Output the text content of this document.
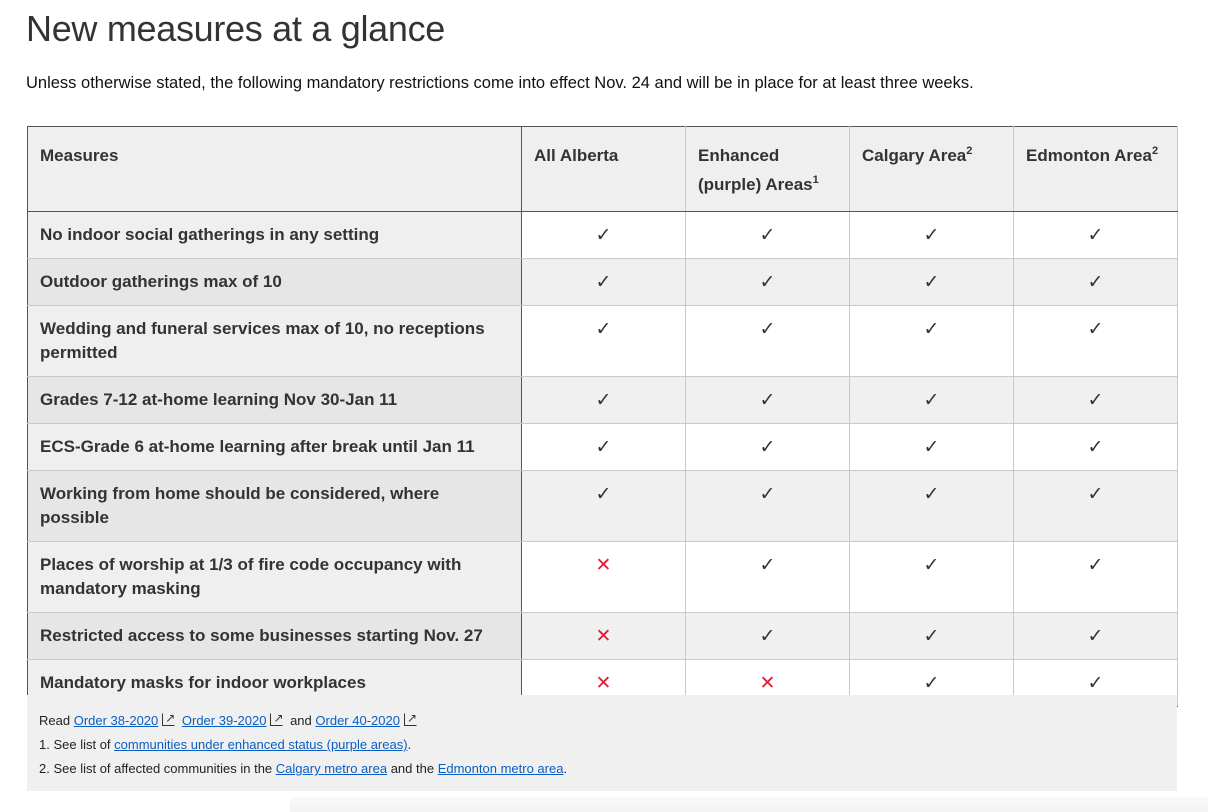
New measures at a glance

Unless otherwise stated, the following mandatory restrictions come into effect Nov. 24 and will be in place for at least three weeks.

Measures	All Alberta	Enhanced (purple) Areas$^1$	Calgary Area$^2$	Edmonton Area$^2$
No indoor social gatherings in any setting	✓	✓	✓	✓
Outdoor gatherings max of 10	✓	✓	✓	✓
Wedding and funeral services max of 10, no receptions permitted	✓	✓	✓	✓
Grades 7-12 at-home learning Nov 30-Jan 11	✓	✓	✓	✓
ECS-Grade 6 at-home learning after break until Jan 11	✓	✓	✓	✓
Working from home should be considered, where possible	✓	✓	✓	✓
Places of worship at 1/3 of fire code occupancy with mandatory masking	✕	✓	✓	✓
Restricted access to some businesses starting Nov. 27	✕	✓	✓	✓
Mandatory masks for indoor workplaces	✕	✕	✓	✓

Read Order 38-2020 ↗ Order 39-2020 ↗ and Order 40-2020↗

1. See list of communities under enhanced status (purple areas).

2. See list of affected communities in the Calgary metro area and the Edmonton metro area.
